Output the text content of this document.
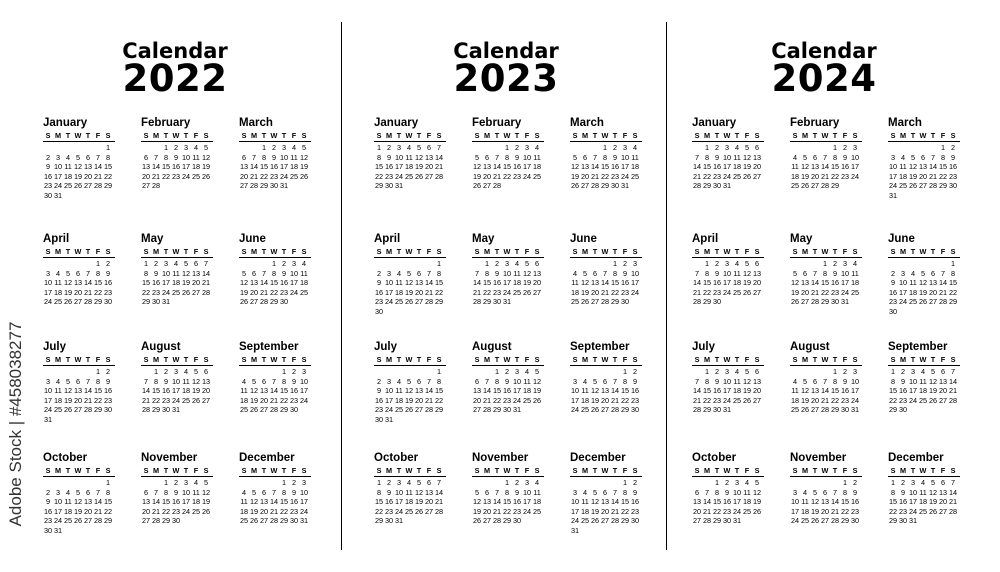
Adobe Stock | #458038277
Calendar
2022
January
S M T W T F S
1
2 3 4 5 6 7 8
9 10 11 12 13 14 15
16 17 18 19 20 21 22
23 24 25 26 27 28 29
30 31
February
S M T W T F S
1 2 3 4 5
6 7 8 9 10 11 12
13 14 15 16 17 18 19
20 21 22 23 24 25 26
27 28
March
S M T W T F S
1 2 3 4 5
6 7 8 9 10 11 12
13 14 15 16 17 18 19
20 21 22 23 24 25 26
27 28 29 30 31
April
S M T W T F S
1 2
3 4 5 6 7 8 9
10 11 12 13 14 15 16
17 18 19 20 21 22 23
24 25 26 27 28 29 30
May
S M T W T F S
1 2 3 4 5 6 7
8 9 10 11 12 13 14
15 16 17 18 19 20 21
22 23 24 25 26 27 28
29 30 31
June
S M T W T F S
1 2 3 4
5 6 7 8 9 10 11
12 13 14 15 16 17 18
19 20 21 22 23 24 25
26 27 28 29 30
July
S M T W T F S
1 2
3 4 5 6 7 8 9
10 11 12 13 14 15 16
17 18 19 20 21 22 23
24 25 26 27 28 29 30
31
August
S M T W T F S
1 2 3 4 5 6
7 8 9 10 11 12 13
14 15 16 17 18 19 20
21 22 23 24 25 26 27
28 29 30 31
September
S M T W T F S
1 2 3
4 5 6 7 8 9 10
11 12 13 14 15 16 17
18 19 20 21 22 23 24
25 26 27 28 29 30
October
S M T W T F S
1
2 3 4 5 6 7 8
9 10 11 12 13 14 15
16 17 18 19 20 21 22
23 24 25 26 27 28 29
30 31
November
S M T W T F S
1 2 3 4 5
6 7 8 9 10 11 12
13 14 15 16 17 18 19
20 21 22 23 24 25 26
27 28 29 30
December
S M T W T F S
1 2 3
4 5 6 7 8 9 10
11 12 13 14 15 16 17
18 19 20 21 22 23 24
25 26 27 28 29 30 31
Calendar
2023
January
S M T W T F S
1 2 3 4 5 6 7
8 9 10 11 12 13 14
15 16 17 18 19 20 21
22 23 24 25 26 27 28
29 30 31
February
S M T W T F S
1 2 3 4
5 6 7 8 9 10 11
12 13 14 15 16 17 18
19 20 21 22 23 24 25
26 27 28
March
S M T W T F S
1 2 3 4
5 6 7 8 9 10 11
12 13 14 15 16 17 18
19 20 21 22 23 24 25
26 27 28 29 30 31
April
S M T W T F S
1
2 3 4 5 6 7 8
9 10 11 12 13 14 15
16 17 18 19 20 21 22
23 24 25 26 27 28 29
30
May
S M T W T F S
1 2 3 4 5 6
7 8 9 10 11 12 13
14 15 16 17 18 19 20
21 22 23 24 25 26 27
28 29 30 31
June
S M T W T F S
1 2 3
4 5 6 7 8 9 10
11 12 13 14 15 16 17
18 19 20 21 22 23 24
25 26 27 28 29 30
July
S M T W T F S
1
2 3 4 5 6 7 8
9 10 11 12 13 14 15
16 17 18 19 20 21 22
23 24 25 26 27 28 29
30 31
August
S M T W T F S
1 2 3 4 5
6 7 8 9 10 11 12
13 14 15 16 17 18 19
20 21 22 23 24 25 26
27 28 29 30 31
September
S M T W T F S
1 2
3 4 5 6 7 8 9
10 11 12 13 14 15 16
17 18 19 20 21 22 23
24 25 26 27 28 29 30
October
S M T W T F S
1 2 3 4 5 6 7
8 9 10 11 12 13 14
15 16 17 18 19 20 21
22 23 24 25 26 27 28
29 30 31
November
S M T W T F S
1 2 3 4
5 6 7 8 9 10 11
12 13 14 15 16 17 18
19 20 21 22 23 24 25
26 27 28 29 30
December
S M T W T F S
1 2
3 4 5 6 7 8 9
10 11 12 13 14 15 16
17 18 19 20 21 22 23
24 25 26 27 28 29 30
31
Calendar
2024
January
S M T W T F S
1 2 3 4 5 6
7 8 9 10 11 12 13
14 15 16 17 18 19 20
21 22 23 24 25 26 27
28 29 30 31
February
S M T W T F S
1 2 3
4 5 6 7 8 9 10
11 12 13 14 15 16 17
18 19 20 21 22 23 24
25 26 27 28 29
March
S M T W T F S
1 2
3 4 5 6 7 8 9
10 11 12 13 14 15 16
17 18 19 20 21 22 23
24 25 26 27 28 29 30
31
April
S M T W T F S
1 2 3 4 5 6
7 8 9 10 11 12 13
14 15 16 17 18 19 20
21 22 23 24 25 26 27
28 29 30
May
S M T W T F S
1 2 3 4
5 6 7 8 9 10 11
12 13 14 15 16 17 18
19 20 21 22 23 24 25
26 27 28 29 30 31
June
S M T W T F S
1
2 3 4 5 6 7 8
9 10 11 12 13 14 15
16 17 18 19 20 21 22
23 24 25 26 27 28 29
30
July
S M T W T F S
1 2 3 4 5 6
7 8 9 10 11 12 13
14 15 16 17 18 19 20
21 22 23 24 25 26 27
28 29 30 31
August
S M T W T F S
1 2 3
4 5 6 7 8 9 10
11 12 13 14 15 16 17
18 19 20 21 22 23 24
25 26 27 28 29 30 31
September
S M T W T F S
1 2 3 4 5 6 7
8 9 10 11 12 13 14
15 16 17 18 19 20 21
22 23 24 25 26 27 28
29 30
October
S M T W T F S
1 2 3 4 5
6 7 8 9 10 11 12
13 14 15 16 17 18 19
20 21 22 23 24 25 26
27 28 29 30 31
November
S M T W T F S
1 2
3 4 5 6 7 8 9
10 11 12 13 14 15 16
17 18 19 20 21 22 23
24 25 26 27 28 29 30
December
S M T W T F S
1 2 3 4 5 6 7
8 9 10 11 12 13 14
15 16 17 18 19 20 21
22 23 24 25 26 27 28
29 30 31
